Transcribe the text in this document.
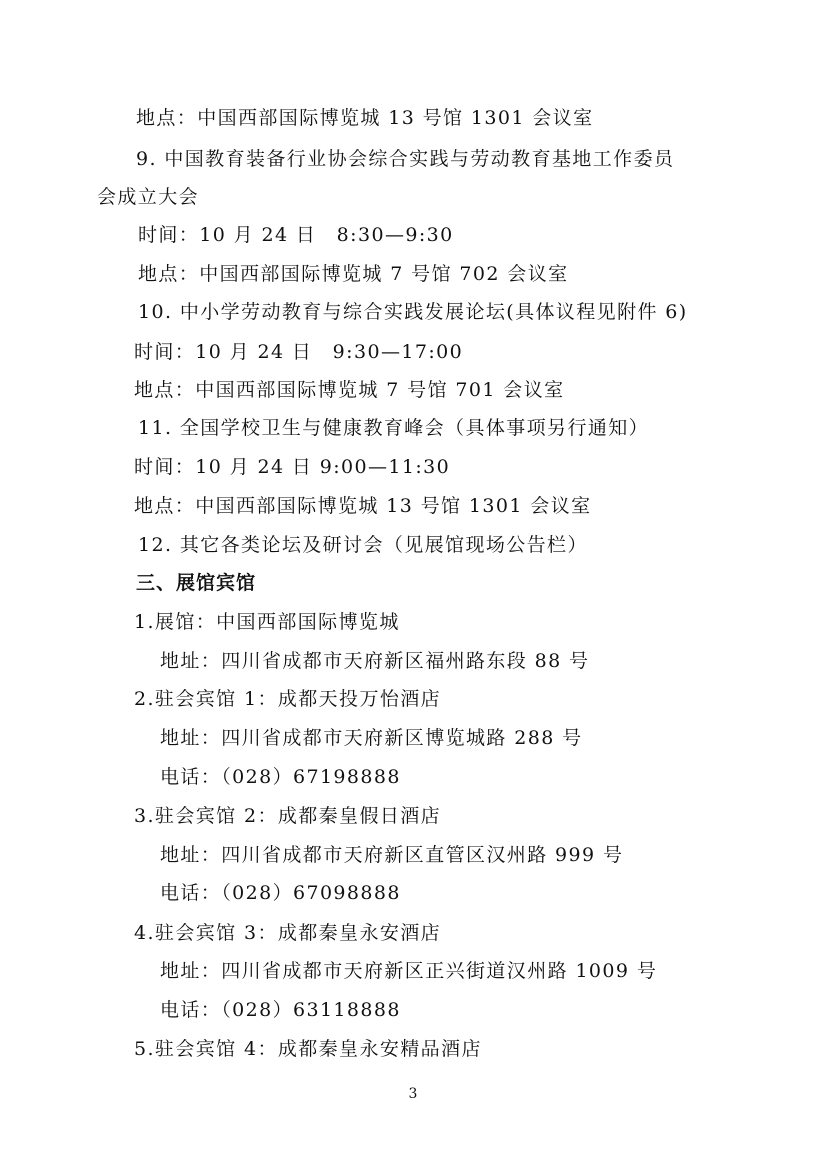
地点：中国西部国际博览城 13 号馆 1301 会议室
9. 中国教育装备行业协会综合实践与劳动教育基地工作委员
会成立大会
时间：10 月 24 日　8:30—9:30
地点：中国西部国际博览城 7 号馆 702 会议室
10. 中小学劳动教育与综合实践发展论坛(具体议程见附件 6)
时间：10 月 24 日　9:30—17:00
地点：中国西部国际博览城 7 号馆 701 会议室
11. 全国学校卫生与健康教育峰会（具体事项另行通知）
时间：10 月 24 日 9:00—11:30
地点：中国西部国际博览城 13 号馆 1301 会议室
12. 其它各类论坛及研讨会（见展馆现场公告栏）
三、展馆宾馆
1.展馆：中国西部国际博览城
地址：四川省成都市天府新区福州路东段 88 号
2.驻会宾馆 1：成都天投万怡酒店
地址：四川省成都市天府新区博览城路 288 号
电话：（028）67198888
3.驻会宾馆 2：成都秦皇假日酒店
地址：四川省成都市天府新区直管区汉州路 999 号
电话：（028）67098888
4.驻会宾馆 3：成都秦皇永安酒店
地址：四川省成都市天府新区正兴街道汉州路 1009 号
电话：（028）63118888
5.驻会宾馆 4：成都秦皇永安精品酒店
3
